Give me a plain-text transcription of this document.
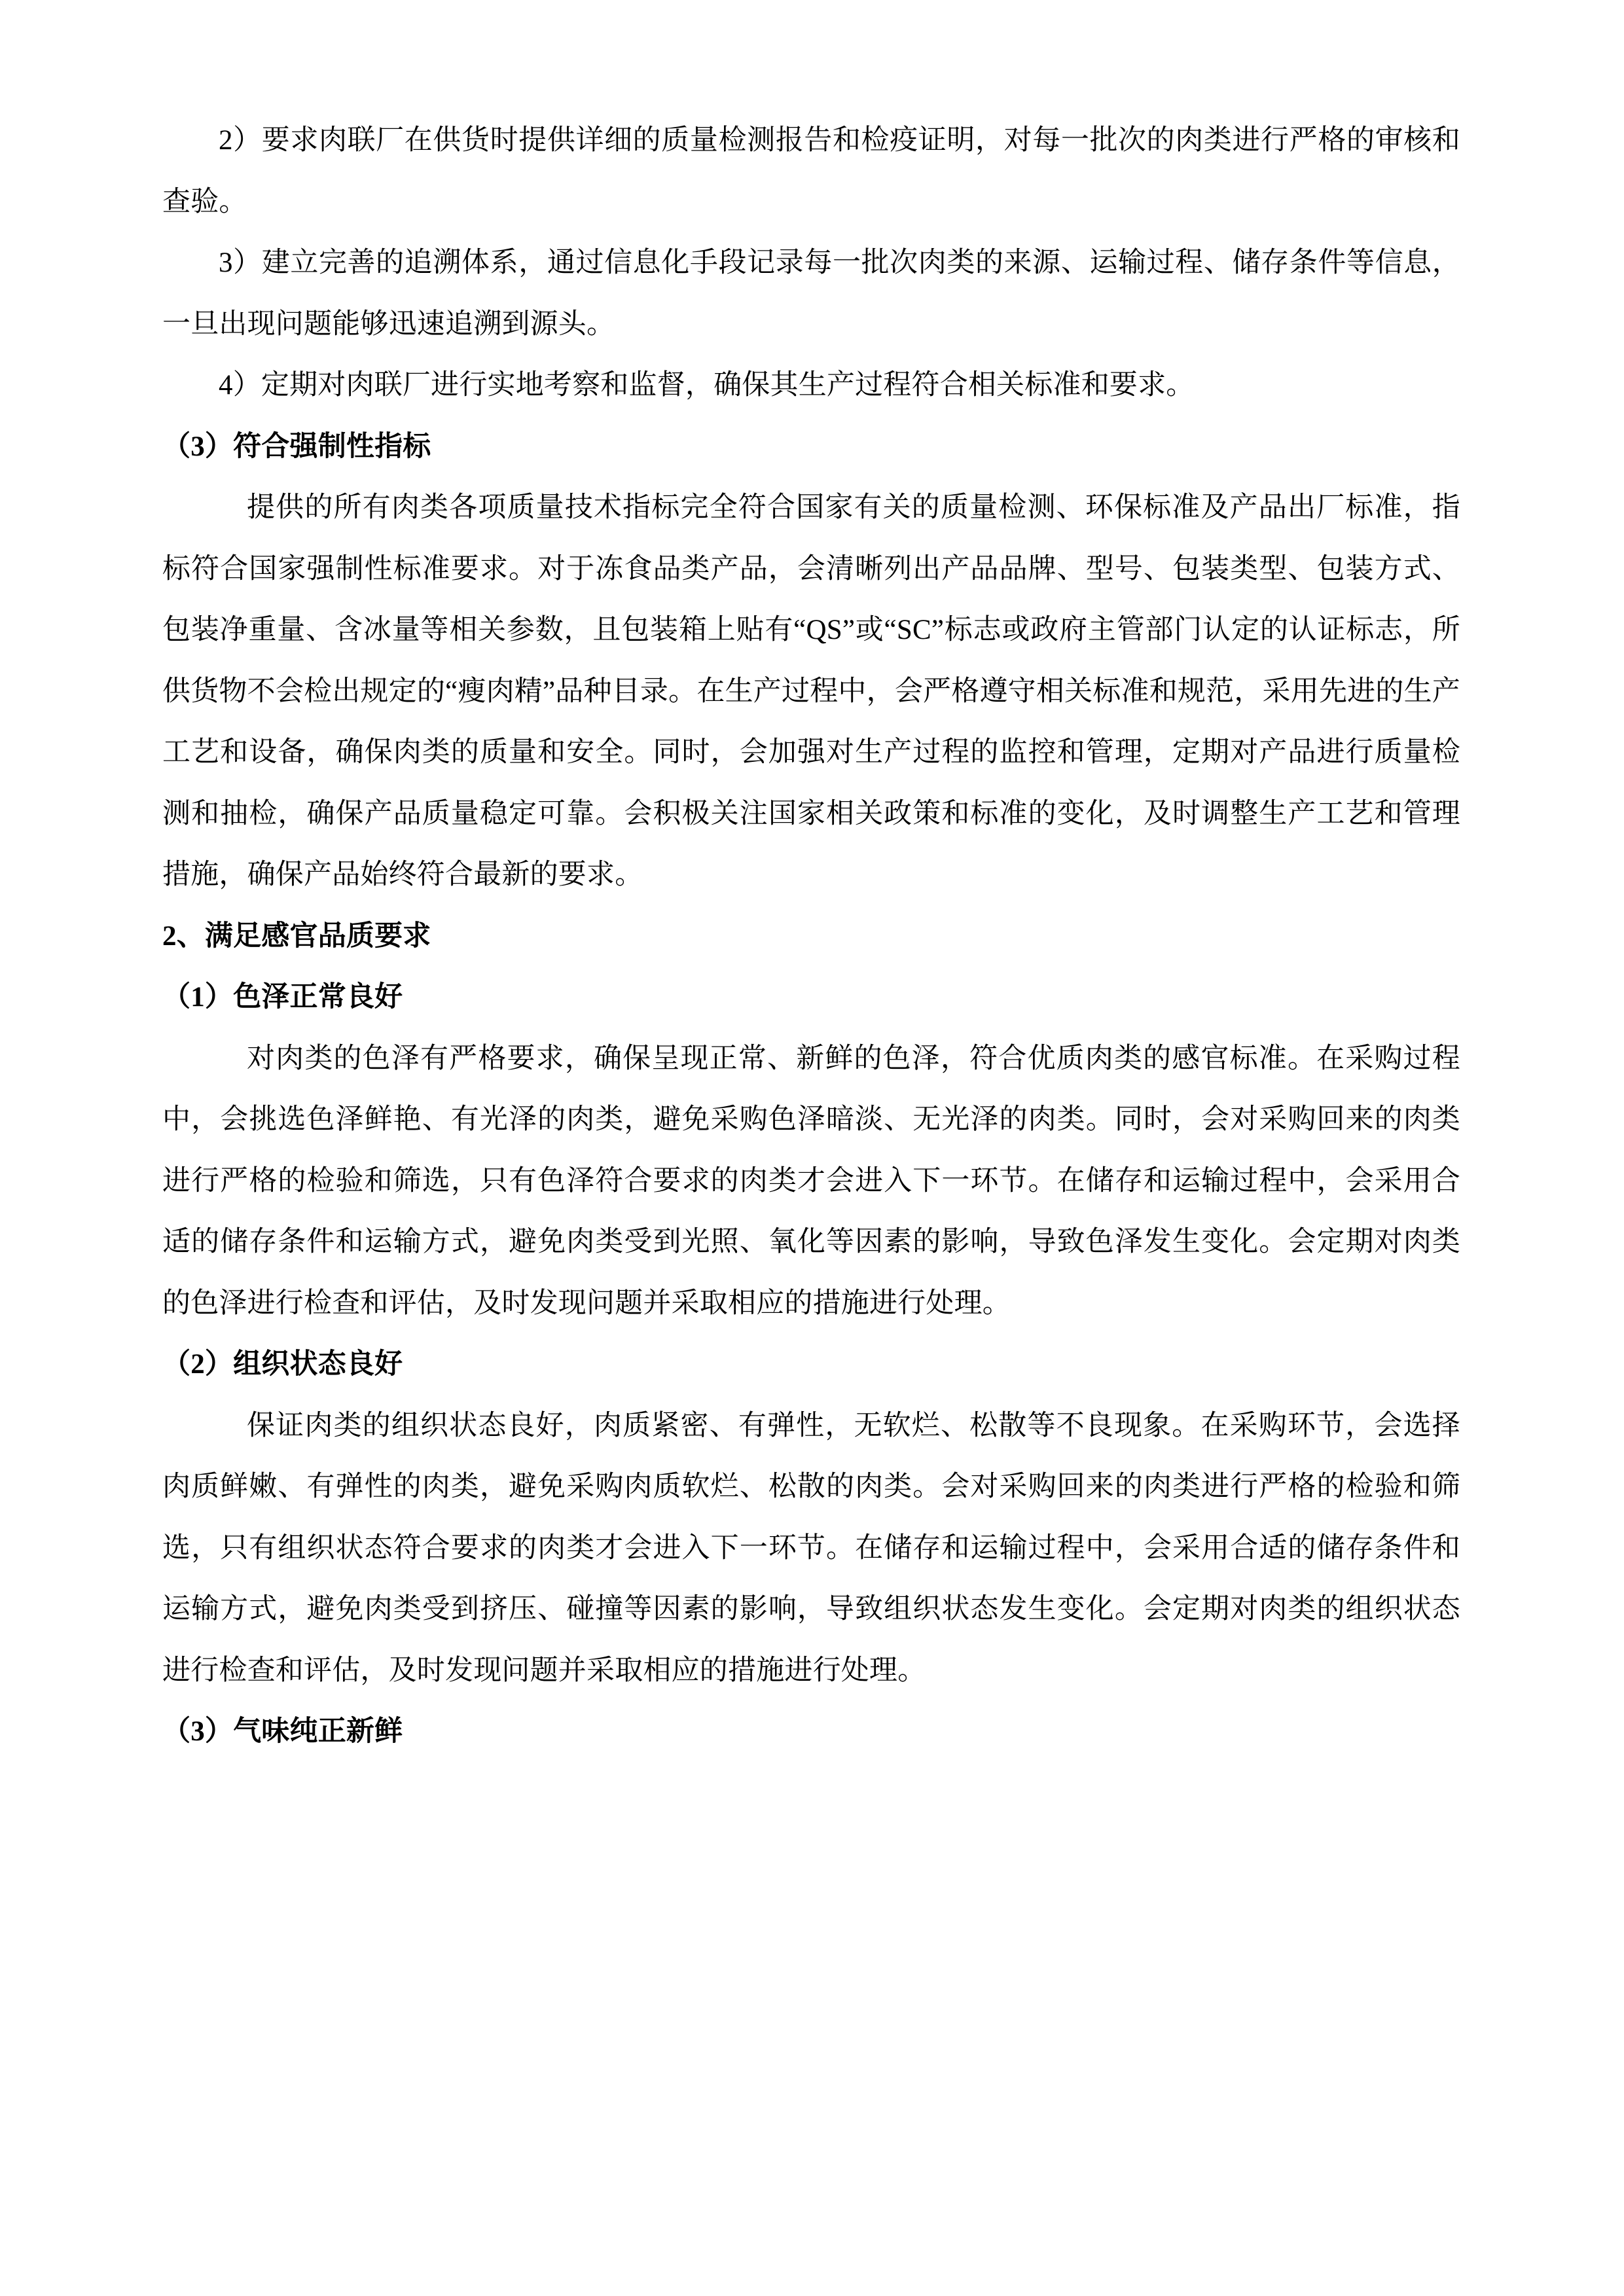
2）要求肉联厂在供货时提供详细的质量检测报告和检疫证明，对每一批次的肉类进行严格的审核和查验。

3）建立完善的追溯体系，通过信息化手段记录每一批次肉类的来源、运输过程、储存条件等信息，一旦出现问题能够迅速追溯到源头。

4）定期对肉联厂进行实地考察和监督，确保其生产过程符合相关标准和要求。

（3）符合强制性指标

提供的所有肉类各项质量技术指标完全符合国家有关的质量检测、环保标准及产品出厂标准，指标符合国家强制性标准要求。对于冻食品类产品，会清晰列出产品品牌、型号、包装类型、包装方式、包装净重量、含冰量等相关参数，且包装箱上贴有“QS”或“SC”标志或政府主管部门认定的认证标志，所供货物不会检出规定的“瘦肉精”品种目录。在生产过程中，会严格遵守相关标准和规范，采用先进的生产工艺和设备，确保肉类的质量和安全。同时，会加强对生产过程的监控和管理，定期对产品进行质量检测和抽检，确保产品质量稳定可靠。会积极关注国家相关政策和标准的变化，及时调整生产工艺和管理措施，确保产品始终符合最新的要求。

2、满足感官品质要求

（1）色泽正常良好

对肉类的色泽有严格要求，确保呈现正常、新鲜的色泽，符合优质肉类的感官标准。在采购过程中，会挑选色泽鲜艳、有光泽的肉类，避免采购色泽暗淡、无光泽的肉类。同时，会对采购回来的肉类进行严格的检验和筛选，只有色泽符合要求的肉类才会进入下一环节。在储存和运输过程中，会采用合适的储存条件和运输方式，避免肉类受到光照、氧化等因素的影响，导致色泽发生变化。会定期对肉类的色泽进行检查和评估，及时发现问题并采取相应的措施进行处理。

（2）组织状态良好

保证肉类的组织状态良好，肉质紧密、有弹性，无软烂、松散等不良现象。在采购环节，会选择肉质鲜嫩、有弹性的肉类，避免采购肉质软烂、松散的肉类。会对采购回来的肉类进行严格的检验和筛选，只有组织状态符合要求的肉类才会进入下一环节。在储存和运输过程中，会采用合适的储存条件和运输方式，避免肉类受到挤压、碰撞等因素的影响，导致组织状态发生变化。会定期对肉类的组织状态进行检查和评估，及时发现问题并采取相应的措施进行处理。

（3）气味纯正新鲜
